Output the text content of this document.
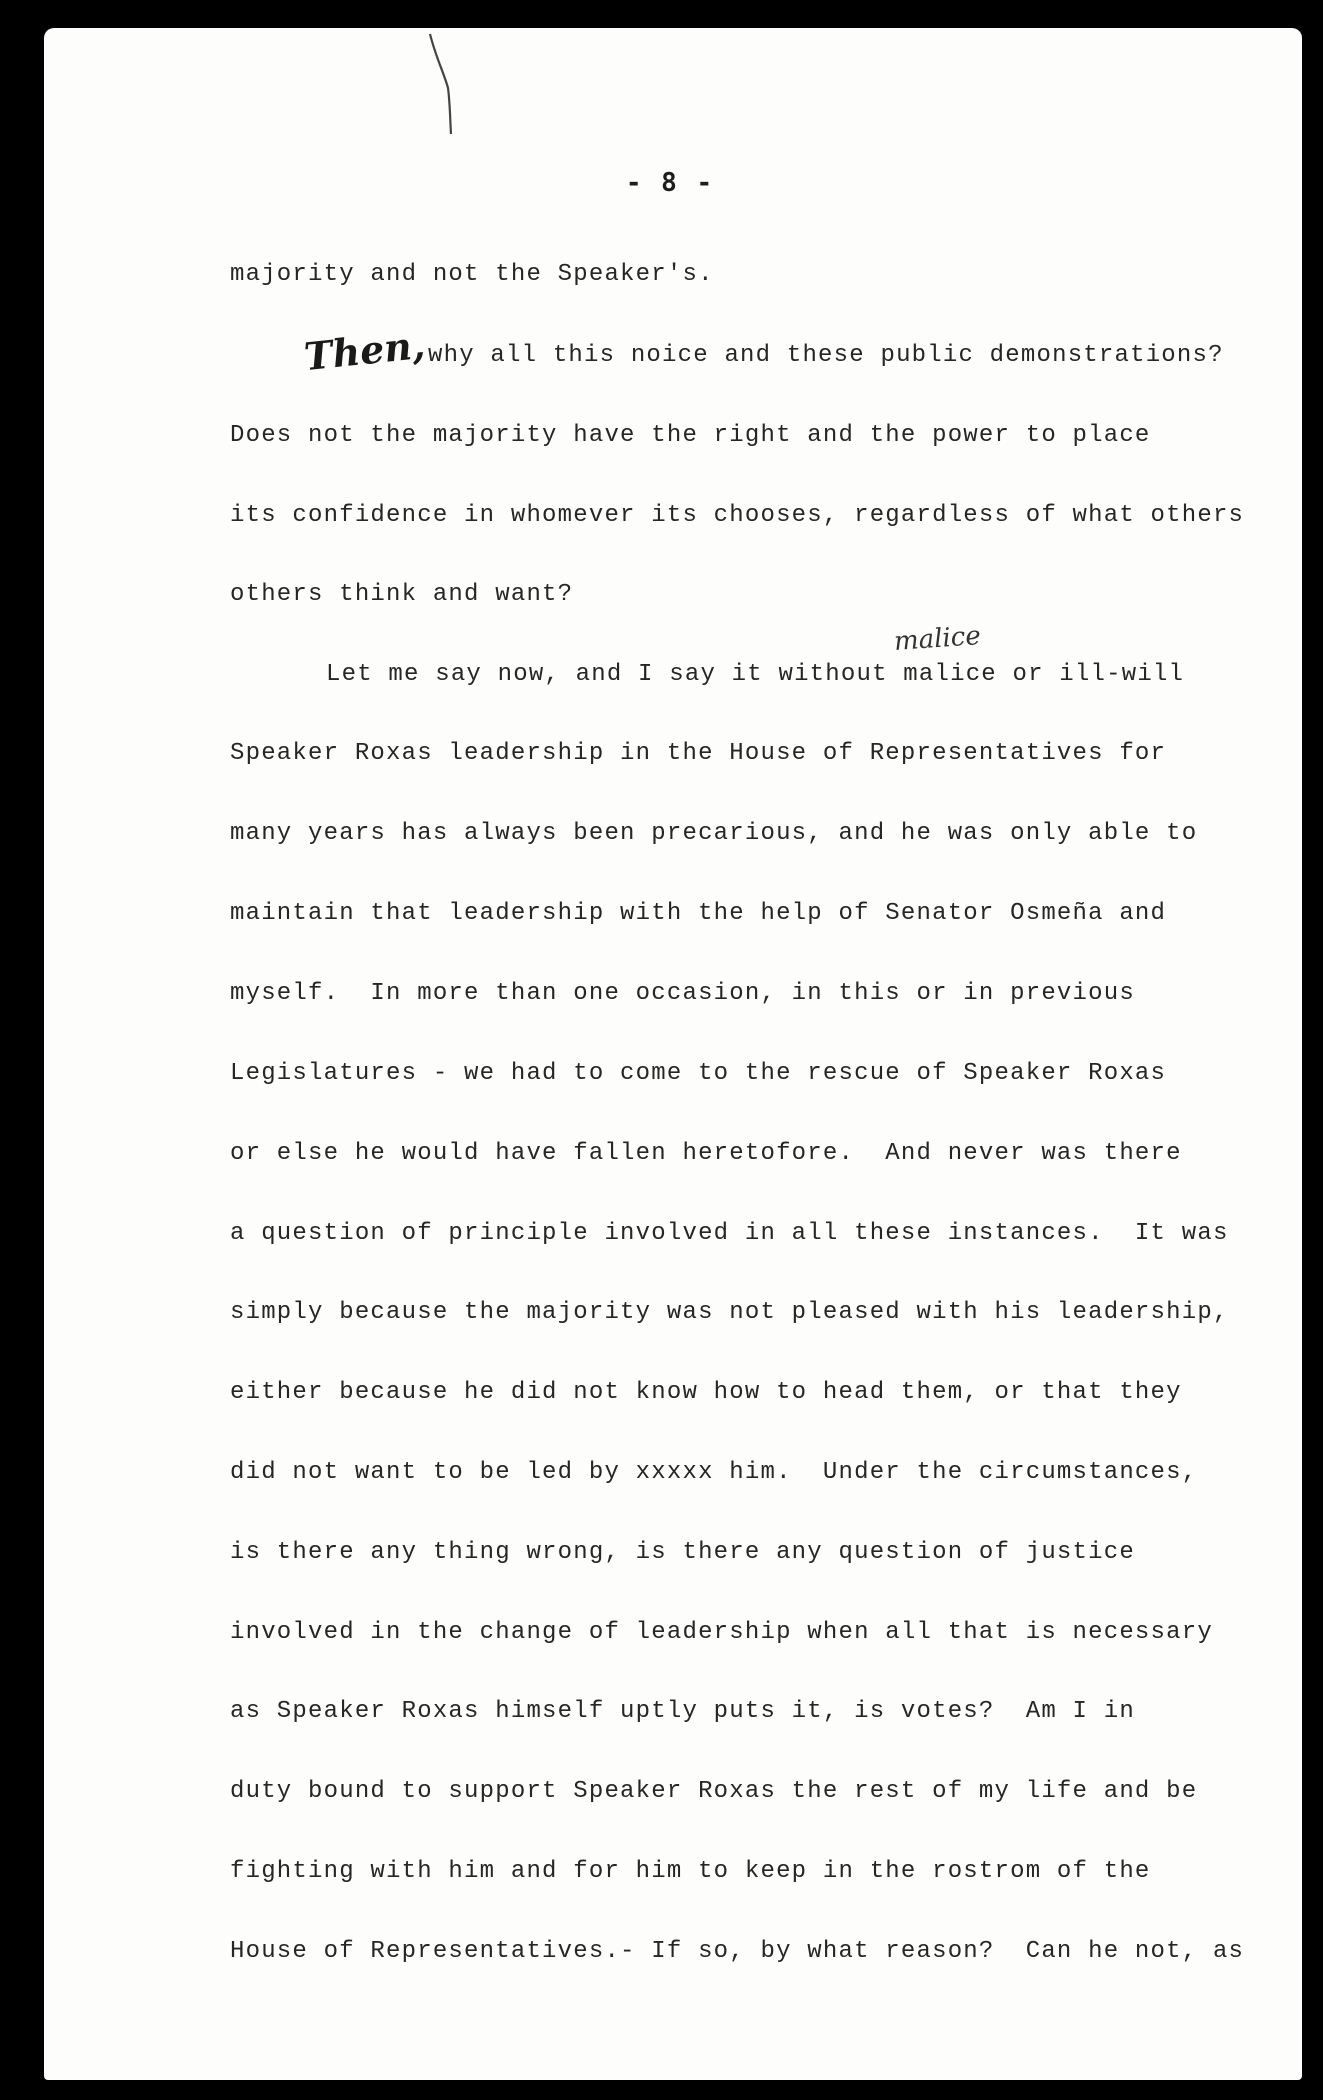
- 8 -
Then,
malice
majority and not the Speaker's.
why all this noice and these public demonstrations?
Does not the majority have the right and the power to place
its confidence in whomever its chooses, regardless of what others
others think and want?
Let me say now, and I say it without malice or ill-will
Speaker Roxas leadership in the House of Representatives for
many years has always been precarious, and he was only able to
maintain that leadership with the help of Senator Osmeña and
myself.  In more than one occasion, in this or in previous
Legislatures - we had to come to the rescue of Speaker Roxas
or else he would have fallen heretofore.  And never was there
a question of principle involved in all these instances.  It was
simply because the majority was not pleased with his leadership,
either because he did not know how to head them, or that they
did not want to be led by xxxxx him.  Under the circumstances,
is there any thing wrong, is there any question of justice
involved in the change of leadership when all that is necessary
as Speaker Roxas himself uptly puts it, is votes?  Am I in
duty bound to support Speaker Roxas the rest of my life and be
fighting with him and for him to keep in the rostrom of the
House of Representatives.- If so, by what reason?  Can he not, as
